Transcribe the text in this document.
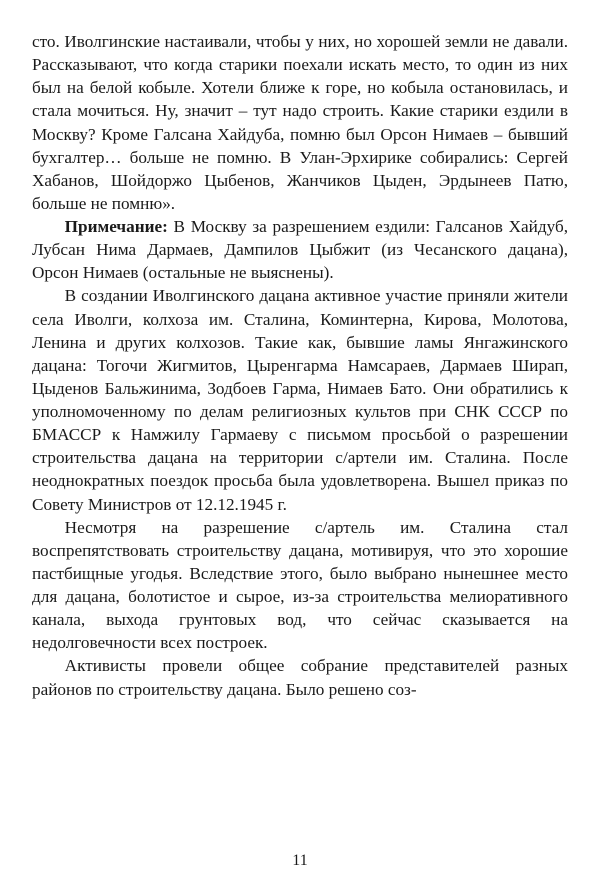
сто. Иволгинские настаивали, чтобы у них, но хорошей земли не давали. Рассказывают, что когда старики поехали искать место, то один из них был на белой кобыле. Хотели ближе к горе, но кобыла остановилась, и стала мочиться. Ну, значит – тут надо строить. Какие старики ездили в Москву? Кроме Галсана Хайдуба, помню был Орсон Нимаев – бывший бухгалтер… больше не помню. В Улан-Эрхирике собирались: Сергей Хабанов, Шойдоржо Цыбенов, Жанчиков Цыден, Эрдынеев Патю, больше не помню».

Примечание: В Москву за разрешением ездили: Галсанов Хайдуб, Лубсан Нима Дармаев, Дампилов Цыбжит (из Чесанского дацана), Орсон Нимаев (остальные не выяснены).

В создании Иволгинского дацана активное участие приняли жители села Иволги, колхоза им. Сталина, Коминтерна, Кирова, Молотова, Ленина и других колхозов. Такие как, бывшие ламы Янгажинского дацана: Тогочи Жигмитов, Цыренгарма Намсараев, Дармаев Ширап, Цыденов Бальжинима, Зодбоев Гарма, Нимаев Бато. Они обратились к уполномоченному по делам религиозных культов при СНК СССР по БМАССР к Намжилу Гармаеву с письмом просьбой о разрешении строительства дацана на территории с/артели им. Сталина. После неоднократных поездок просьба была удовлетворена. Вышел приказ по Совету Министров от 12.12.1945 г.

Несмотря на разрешение с/артель им. Сталина стал воспрепятствовать строительству дацана, мотивируя, что это хорошие пастбищные угодья. Вследствие этого, было выбрано нынешнее место для дацана, болотистое и сырое, из-за строительства мелиоративного канала, выхода грунтовых вод, что сейчас сказывается на недолговечности всех построек.

Активисты провели общее собрание представителей разных районов по строительству дацана. Было решено соз-

11
